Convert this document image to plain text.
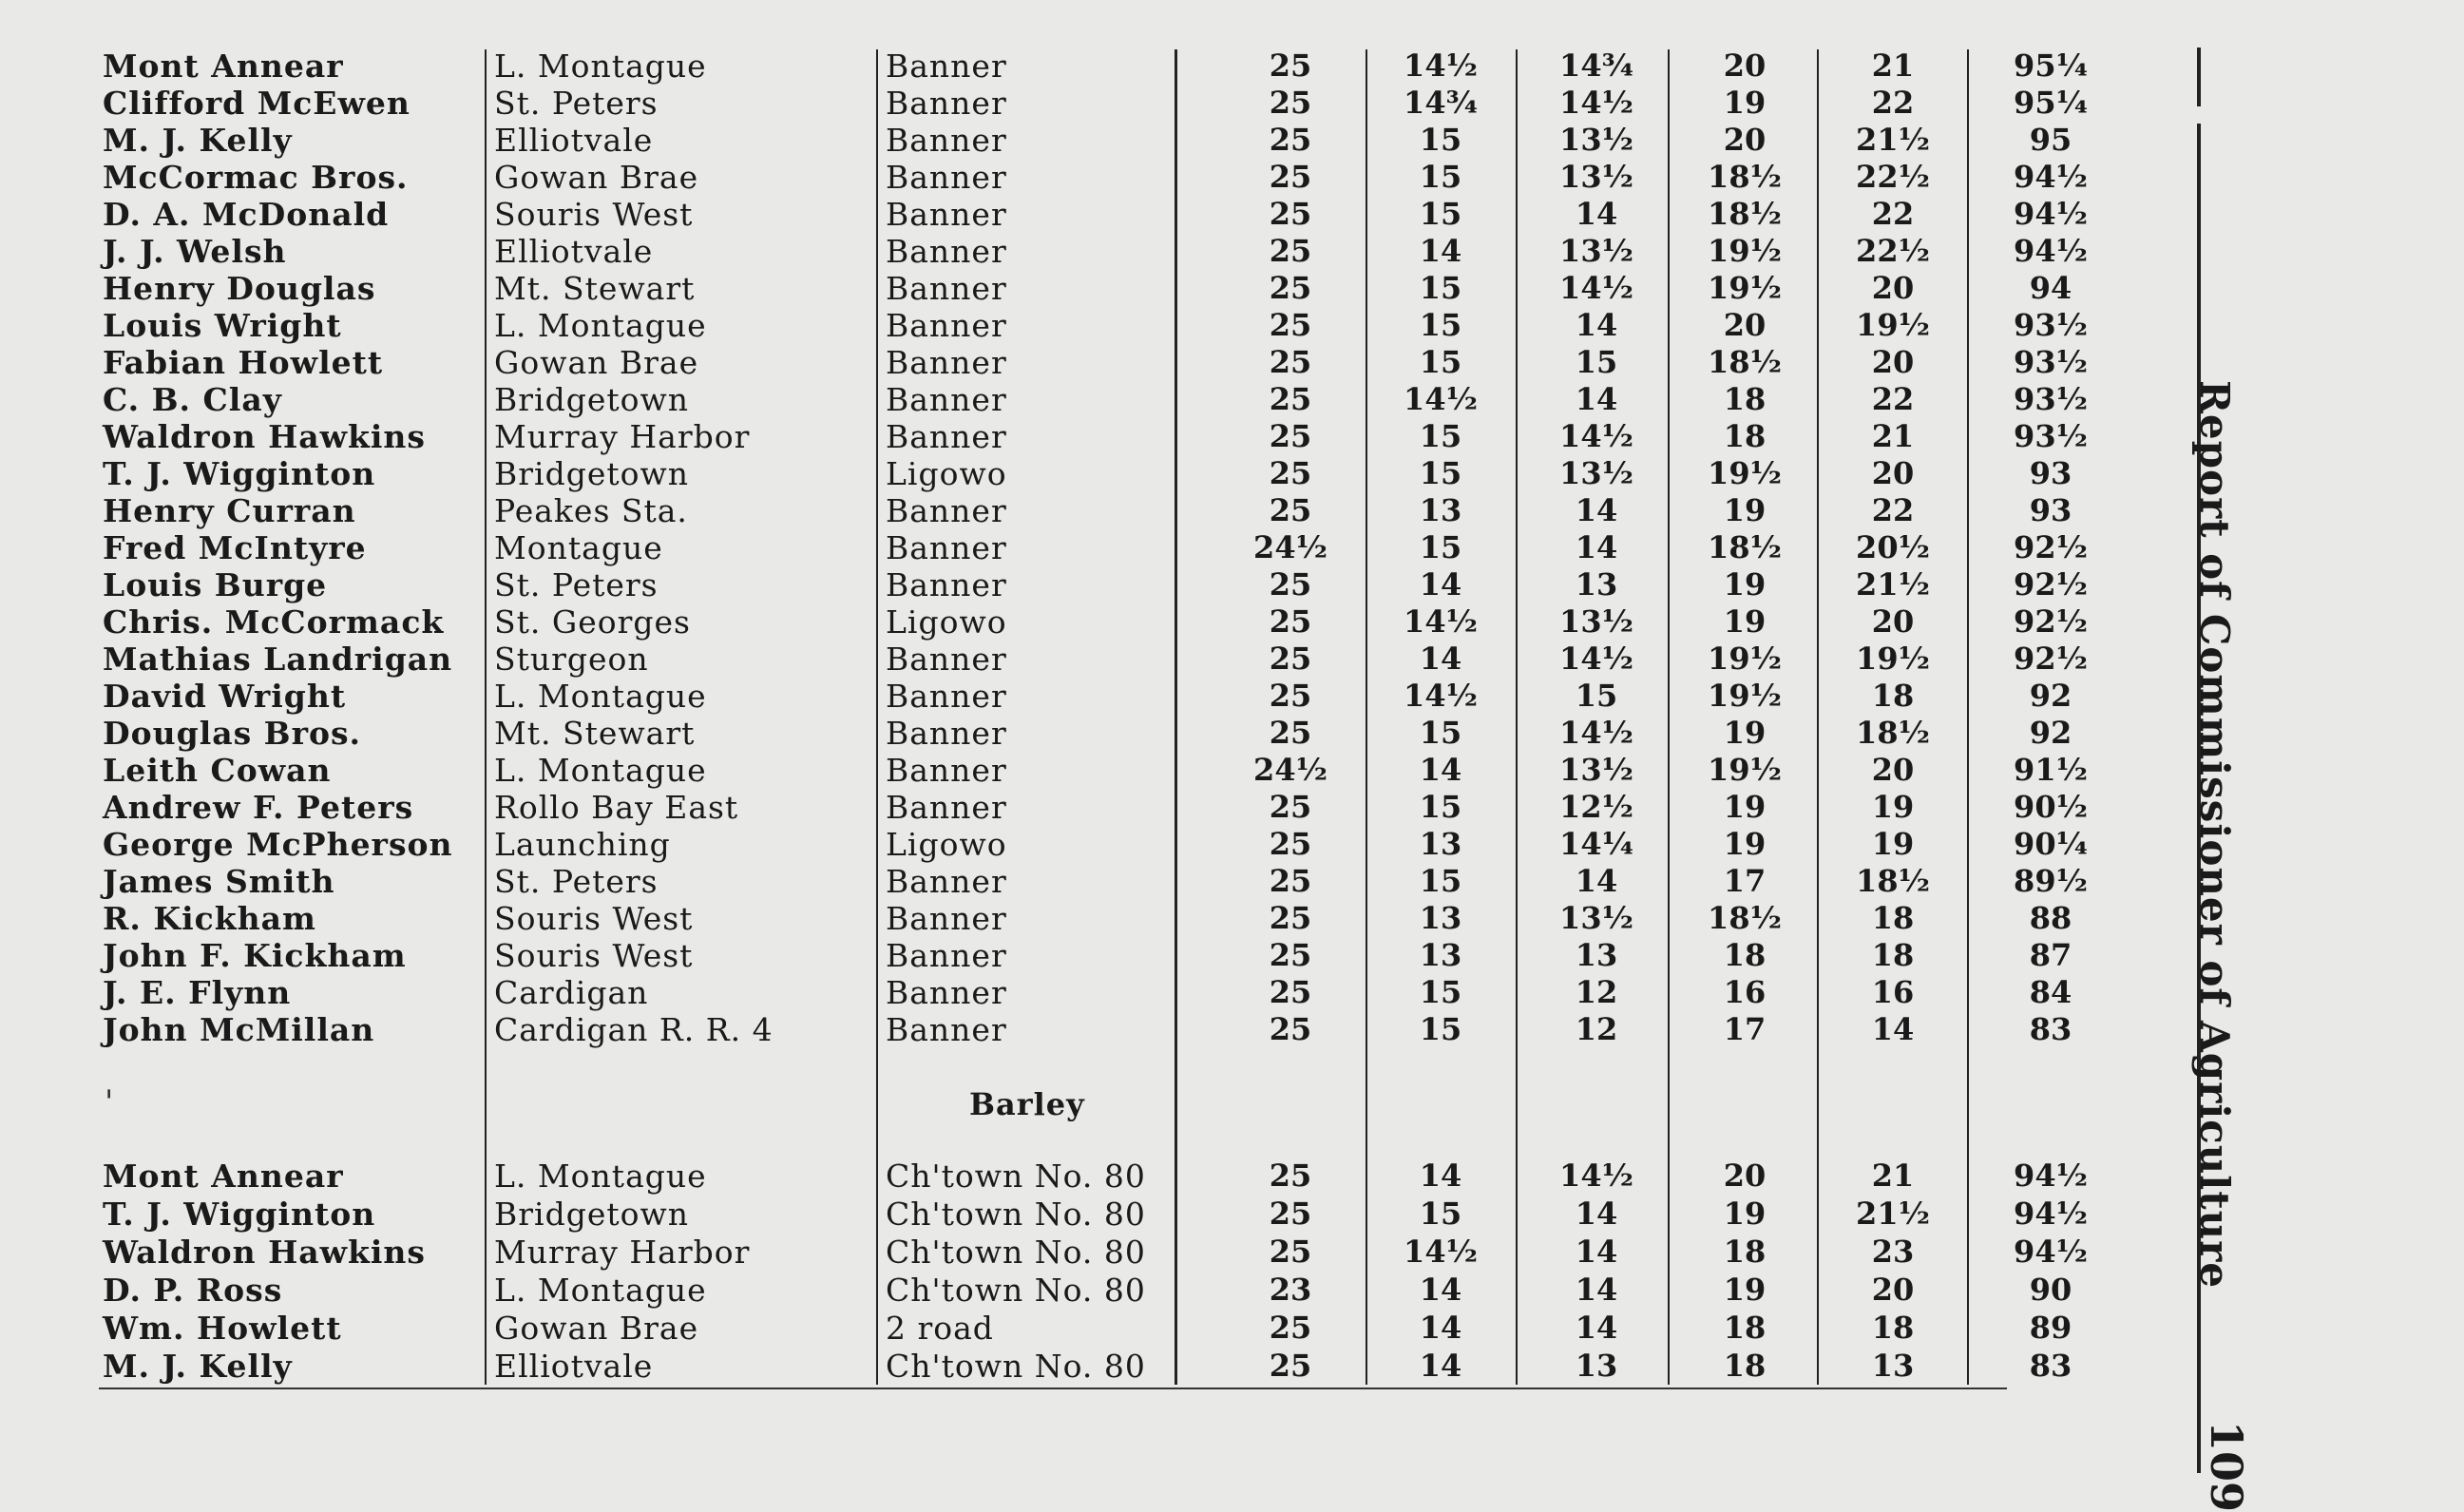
Mont Annear	L. Montague	Banner	25	14½	14¾	20	21	95¼
Clifford McEwen	St. Peters	Banner	25	14¾	14½	19	22	95¼
M. J. Kelly	Elliotvale	Banner	25	15	13½	20	21½	95
McCormac Bros.	Gowan Brae	Banner	25	15	13½	18½	22½	94½
D. A. McDonald	Souris West	Banner	25	15	14	18½	22	94½
J. J. Welsh	Elliotvale	Banner	25	14	13½	19½	22½	94½
Henry Douglas	Mt. Stewart	Banner	25	15	14½	19½	20	94
Louis Wright	L. Montague	Banner	25	15	14	20	19½	93½
Fabian Howlett	Gowan Brae	Banner	25	15	15	18½	20	93½
C. B. Clay	Bridgetown	Banner	25	14½	14	18	22	93½
Waldron Hawkins	Murray Harbor	Banner	25	15	14½	18	21	93½
T. J. Wigginton	Bridgetown	Ligowo	25	15	13½	19½	20	93
Henry Curran	Peakes Sta.	Banner	25	13	14	19	22	93
Fred McIntyre	Montague	Banner	24½	15	14	18½	20½	92½
Louis Burge	St. Peters	Banner	25	14	13	19	21½	92½
Chris. McCormack	St. Georges	Ligowo	25	14½	13½	19	20	92½
Mathias Landrigan	Sturgeon	Banner	25	14	14½	19½	19½	92½
David Wright	L. Montague	Banner	25	14½	15	19½	18	92
Douglas Bros.	Mt. Stewart	Banner	25	15	14½	19	18½	92
Leith Cowan	L. Montague	Banner	24½	14	13½	19½	20	91½
Andrew F. Peters	Rollo Bay East	Banner	25	15	12½	19	19	90½
George McPherson	Launching	Ligowo	25	13	14¼	19	19	90¼
James Smith	St. Peters	Banner	25	15	14	17	18½	89½
R. Kickham	Souris West	Banner	25	13	13½	18½	18	88
John F. Kickham	Souris West	Banner	25	13	13	18	18	87
J. E. Flynn	Cardigan	Banner	25	15	12	16	16	84
John McMillan	Cardigan R. R. 4	Banner	25	15	12	17	14	83
Barley
'
Mont Annear	L. Montague	Ch'town No. 80	25	14	14½	20	21	94½
T. J. Wigginton	Bridgetown	Ch'town No. 80	25	15	14	19	21½	94½
Waldron Hawkins	Murray Harbor	Ch'town No. 80	25	14½	14	18	23	94½
D. P. Ross	L. Montague	Ch'town No. 80	23	14	14	19	20	90
Wm. Howlett	Gowan Brae	2 road	25	14	14	18	18	89
M. J. Kelly	Elliotvale	Ch'town No. 80	25	14	13	18	13	83
Report of Commissioner of Agriculture
109
